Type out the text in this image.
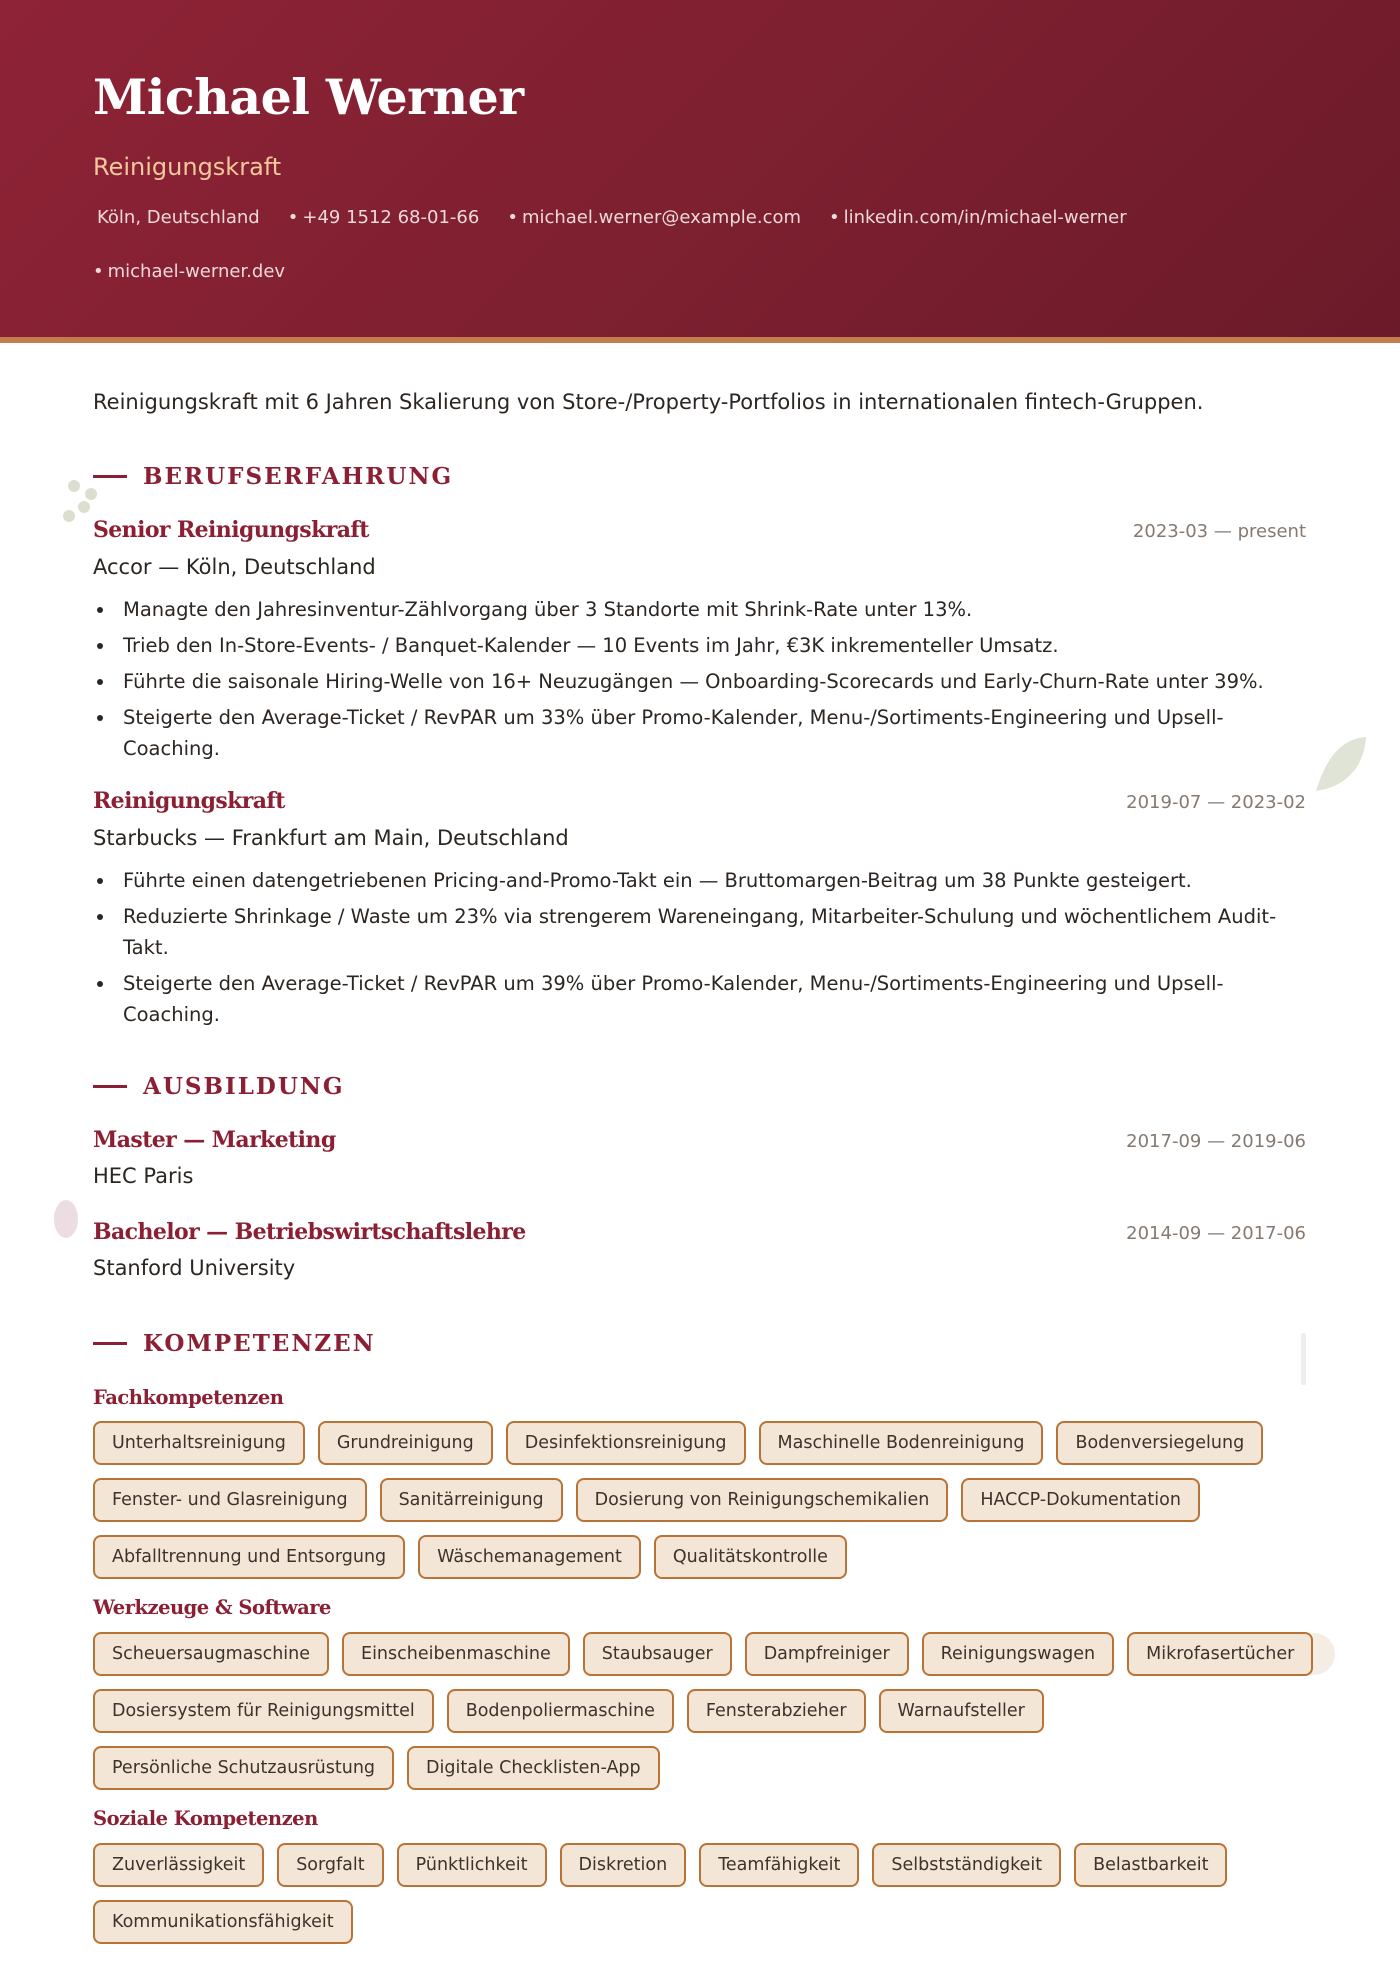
Michael Werner
Reinigungskraft
Köln, Deutschland • +49 1512 68-01-66 • michael.werner@example.com • linkedin.com/in/michael-werner
• michael-werner.dev
Reinigungskraft mit 6 Jahren Skalierung von Store-/Property-Portfolios in internationalen fintech-Gruppen.
BERUFSERFAHRUNG
Senior Reinigungskraft	2023-03 — present
Accor — Köln, Deutschland
Managte den Jahresinventur-Zählvorgang über 3 Standorte mit Shrink-Rate unter 13%.
Trieb den In-Store-Events- / Banquet-Kalender — 10 Events im Jahr, €3K inkrementeller Umsatz.
Führte die saisonale Hiring-Welle von 16+ Neuzugängen — Onboarding-Scorecards und Early-Churn-Rate unter 39%.
Steigerte den Average-Ticket / RevPAR um 33% über Promo-Kalender, Menu-/Sortiments-Engineering und Upsell-Coaching.
Reinigungskraft	2019-07 — 2023-02
Starbucks — Frankfurt am Main, Deutschland
Führte einen datengetriebenen Pricing-and-Promo-Takt ein — Bruttomargen-Beitrag um 38 Punkte gesteigert.
Reduzierte Shrinkage / Waste um 23% via strengerem Wareneingang, Mitarbeiter-Schulung und wöchentlichem Audit-Takt.
Steigerte den Average-Ticket / RevPAR um 39% über Promo-Kalender, Menu-/Sortiments-Engineering und Upsell-Coaching.
AUSBILDUNG
Master — Marketing	2017-09 — 2019-06
HEC Paris
Bachelor — Betriebswirtschaftslehre	2014-09 — 2017-06
Stanford University
KOMPETENZEN
Fachkompetenzen
Unterhaltsreinigung	Grundreinigung	Desinfektionsreinigung	Maschinelle Bodenreinigung	Bodenversiegelung
Fenster- und Glasreinigung	Sanitärreinigung	Dosierung von Reinigungschemikalien	HACCP-Dokumentation
Abfalltrennung und Entsorgung	Wäschemanagement	Qualitätskontrolle
Werkzeuge & Software
Scheuersaugmaschine	Einscheibenmaschine	Staubsauger	Dampfreiniger	Reinigungswagen	Mikrofasertücher
Dosiersystem für Reinigungsmittel	Bodenpoliermaschine	Fensterabzieher	Warnaufsteller
Persönliche Schutzausrüstung	Digitale Checklisten-App
Soziale Kompetenzen
Zuverlässigkeit	Sorgfalt	Pünktlichkeit	Diskretion	Teamfähigkeit	Selbstständigkeit	Belastbarkeit
Kommunikationsfähigkeit
